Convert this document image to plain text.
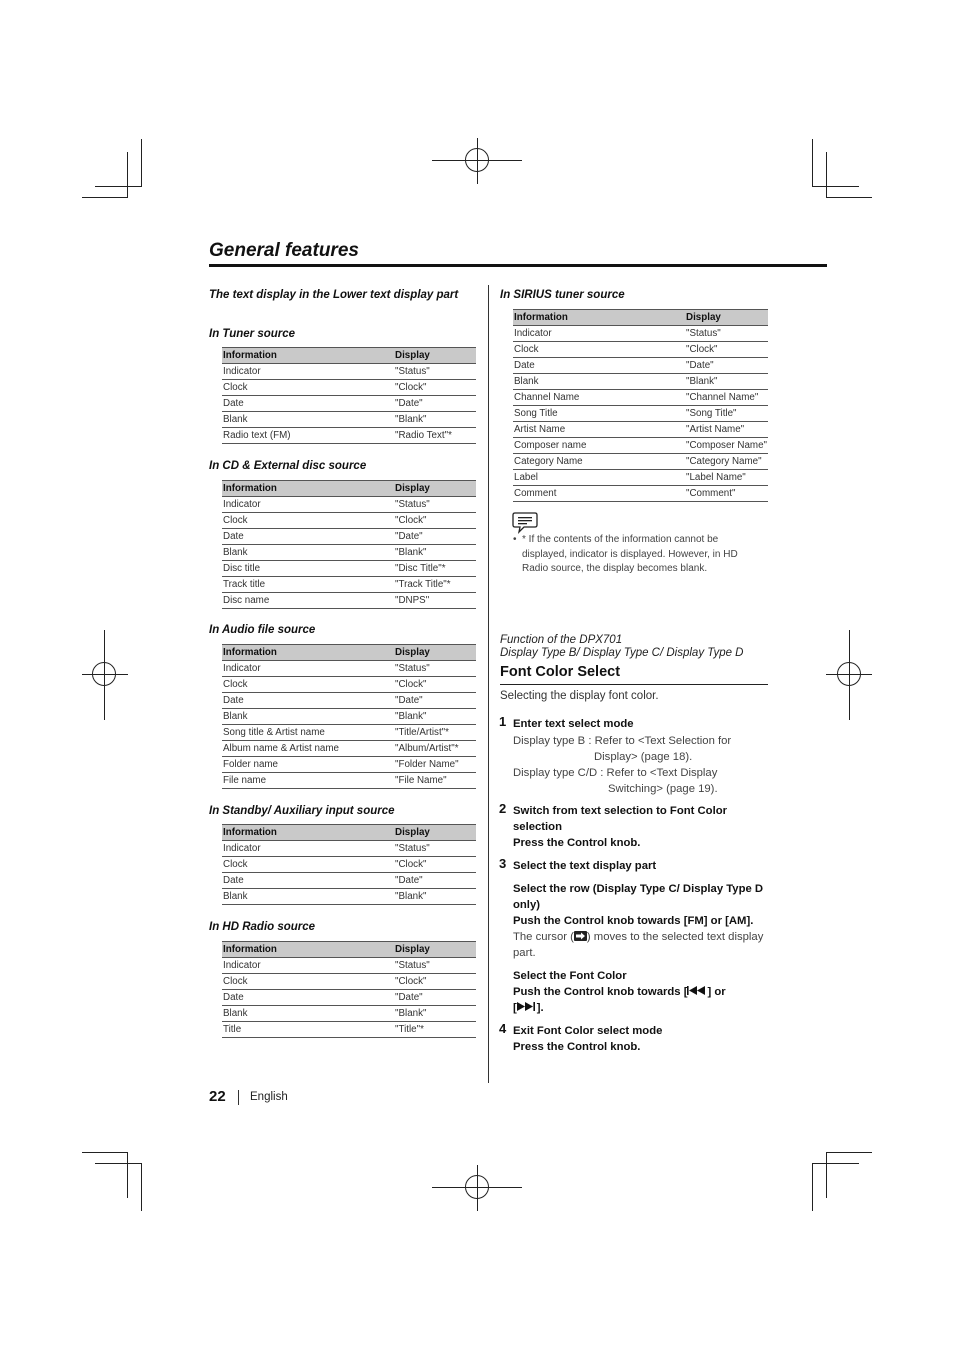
General features
The text display in the Lower text display part
In Tuner source
Information	Display
Indicator	"Status"
Clock	"Clock"
Date	"Date"
Blank	"Blank"
Radio text (FM)	"Radio Text"*
In CD & External disc source
Information	Display
Indicator	"Status"
Clock	"Clock"
Date	"Date"
Blank	"Blank"
Disc title	"Disc Title"*
Track title	"Track Title"*
Disc name	"DNPS"
In Audio file source
Information	Display
Indicator	"Status"
Clock	"Clock"
Date	"Date"
Blank	"Blank"
Song title & Artist name	"Title/Artist"*
Album name & Artist name	"Album/Artist"*
Folder name	"Folder Name"
File name	"File Name"
In Standby/ Auxiliary input source
Information	Display
Indicator	"Status"
Clock	"Clock"
Date	"Date"
Blank	"Blank"
In HD Radio source
Information	Display
Indicator	"Status"
Clock	"Clock"
Date	"Date"
Blank	"Blank"
Title	"Title"*
In SIRIUS tuner source
Information	Display
Indicator	"Status"
Clock	"Clock"
Date	"Date"
Blank	"Blank"
Channel Name	"Channel Name"
Song Title	"Song Title"
Artist Name	"Artist Name"
Composer name	"Composer Name"
Category Name	"Category Name"
Label	"Label Name"
Comment	"Comment"
• * If the contents of the information cannot be displayed, indicator is displayed. However, in HD Radio source, the display becomes blank.
Function of the DPX701
Display Type B/ Display Type C/ Display Type D
Font Color Select
Selecting the display font color.
1 Enter text select mode
Display type B : Refer to <Text Selection for
Display> (page 18).
Display type C/D : Refer to <Text Display
Switching> (page 19).
2 Switch from text selection to Font Color selection
Press the Control knob.
3 Select the text display part
Select the row (Display Type C/ Display Type D only)
Push the Control knob towards [FM] or [AM].
The cursor ( ) moves to the selected text display part.
Select the Font Color
Push the Control knob towards [ ] or
[ ].
4 Exit Font Color select mode
Press the Control knob.
22 English
